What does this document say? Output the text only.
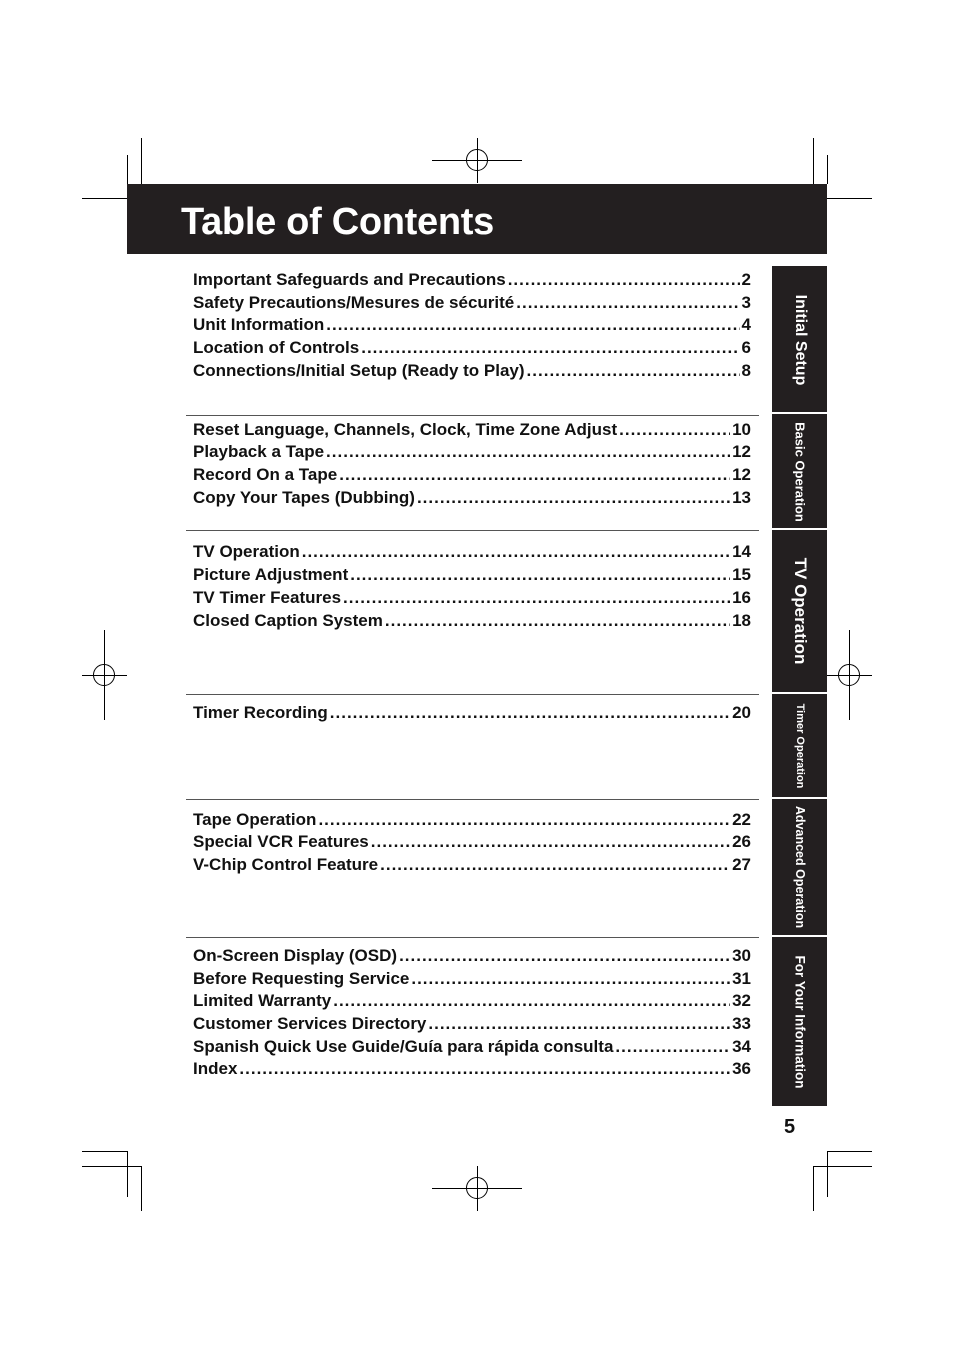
Table of Contents
Important Safeguards and Precautions .....	2
Safety Precautions/Mesures de sécurité .....	3
Unit Information .....	4
Location of Controls .....	6
Connections/Initial Setup (Ready to Play) .....	8
Reset Language, Channels, Clock, Time Zone Adjust .....	10
Playback a Tape .....	12
Record On a Tape .....	12
Copy Your Tapes (Dubbing) .....	13
TV Operation .....	14
Picture Adjustment .....	15
TV Timer Features .....	16
Closed Caption System .....	18
Timer Recording .....	20
Tape Operation .....	22
Special VCR Features .....	26
V-Chip Control Feature .....	27
On-Screen Display (OSD) .....	30
Before Requesting Service .....	31
Limited Warranty .....	32
Customer Services Directory .....	33
Spanish Quick Use Guide/Guía para rápida consulta .....	34
Index .....	36
Initial Setup
Basic Operation
TV Operation
Timer Operation
Advanced Operation
For Your Information
5
